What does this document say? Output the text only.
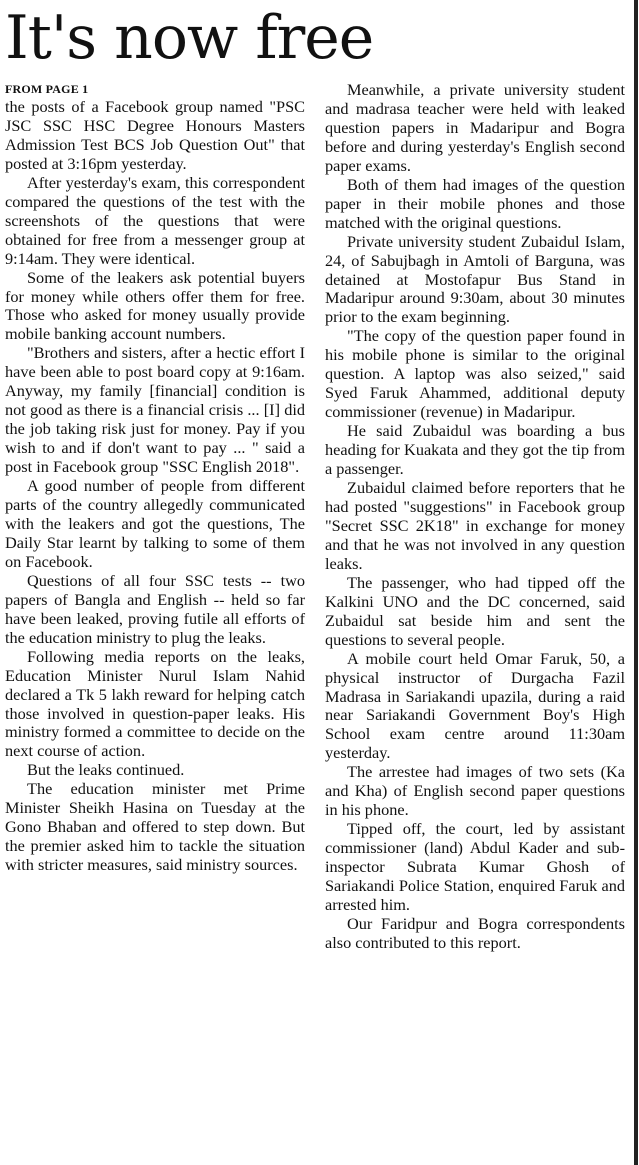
It's now free
FROM PAGE 1

the posts of a Facebook group named "PSC JSC SSC HSC Degree Honours Masters Admission Test BCS Job Question Out" that posted at 3:16pm yesterday.

After yesterday's exam, this correspondent compared the questions of the test with the screenshots of the questions that were obtained for free from a messenger group at 9:14am. They were identical.

Some of the leakers ask potential buyers for money while others offer them for free. Those who asked for money usually provide mobile banking account numbers.

"Brothers and sisters, after a hectic effort I have been able to post board copy at 9:16am. Anyway, my family [financial] condition is not good as there is a financial crisis ... [I] did the job taking risk just for money. Pay if you wish to and if don't want to pay ... " said a post in Facebook group "SSC English 2018".

A good number of people from different parts of the country allegedly communicated with the leakers and got the questions, The Daily Star learnt by talking to some of them on Facebook.

Questions of all four SSC tests -- two papers of Bangla and English -- held so far have been leaked, proving futile all efforts of the education ministry to plug the leaks.

Following media reports on the leaks, Education Minister Nurul Islam Nahid declared a Tk 5 lakh reward for helping catch those involved in question-paper leaks. His ministry formed a committee to decide on the next course of action.

But the leaks continued.

The education minister met Prime Minister Sheikh Hasina on Tuesday at the Gono Bhaban and offered to step down. But the premier asked him to tackle the situation with stricter measures, said ministry sources.

Meanwhile, a private university student and madrasa teacher were held with leaked question papers in Madaripur and Bogra before and during yesterday's English second paper exams.

Both of them had images of the question paper in their mobile phones and those matched with the original questions.

Private university student Zubaidul Islam, 24, of Sabujbagh in Amtoli of Barguna, was detained at Mostofapur Bus Stand in Madaripur around 9:30am, about 30 minutes prior to the exam beginning.

"The copy of the question paper found in his mobile phone is similar to the original question. A laptop was also seized," said Syed Faruk Ahammed, additional deputy commissioner (revenue) in Madaripur.

He said Zubaidul was boarding a bus heading for Kuakata and they got the tip from a passenger.

Zubaidul claimed before reporters that he had posted "suggestions" in Facebook group "Secret SSC 2K18" in exchange for money and that he was not involved in any question leaks.

The passenger, who had tipped off the Kalkini UNO and the DC concerned, said Zubaidul sat beside him and sent the questions to several people.

A mobile court held Omar Faruk, 50, a physical instructor of Durgacha Fazil Madrasa in Sariakandi upazila, during a raid near Sariakandi Government Boy's High School exam centre around 11:30am yesterday.

The arrestee had images of two sets (Ka and Kha) of English second paper questions in his phone.

Tipped off, the court, led by assistant commissioner (land) Abdul Kader and sub-inspector Subrata Kumar Ghosh of Sariakandi Police Station, enquired Faruk and arrested him.

Our Faridpur and Bogra correspondents also contributed to this report.
